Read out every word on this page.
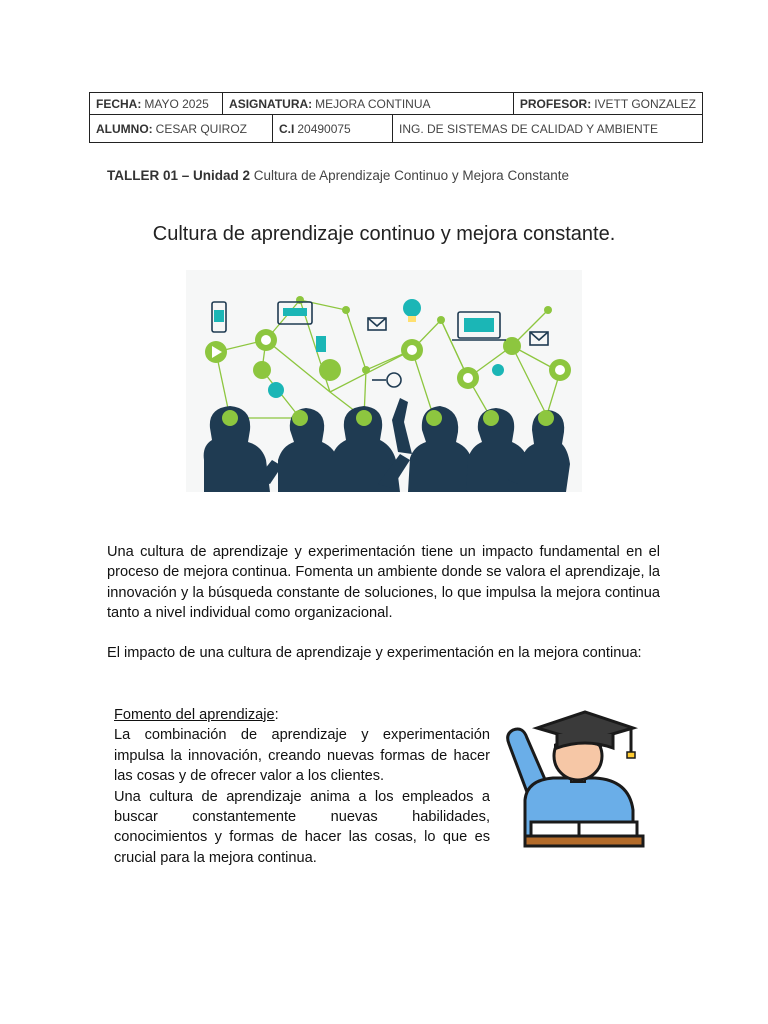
FECHA: MAYO 2025 ASIGNATURA: MEJORA CONTINUA	PROFESOR: IVETT GONZALEZ
ALUMNO: CESAR QUIROZ	C.I 20490075	ING. DE SISTEMAS DE CALIDAD Y AMBIENTE
TALLER 01 – Unidad 2 Cultura de Aprendizaje Continuo y Mejora Constante
Cultura de aprendizaje continuo y mejora constante.

Una cultura de aprendizaje y experimentación tiene un impacto fundamental en el proceso de mejora continua. Fomenta un ambiente donde se valora el aprendizaje, la innovación y la búsqueda constante de soluciones, lo que impulsa la mejora continua tanto a nivel individual como organizacional.

El impacto de una cultura de aprendizaje y experimentación en la mejora continua:

Fomento del aprendizaje:

La combinación de aprendizaje y experimentación impulsa la innovación, creando nuevas formas de hacer las cosas y de ofrecer valor a los clientes.

Una cultura de aprendizaje anima a los empleados a buscar constantemente nuevas habilidades, conocimientos y formas de hacer las cosas, lo que es crucial para la mejora continua.
